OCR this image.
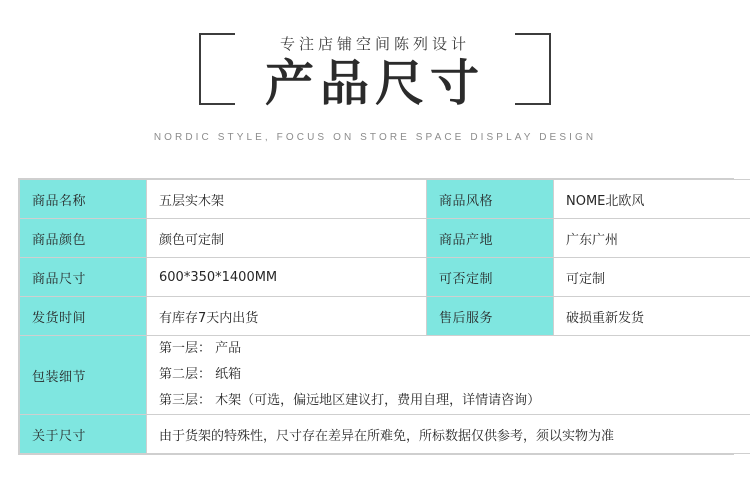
专注店铺空间陈列设计
产品尺寸
NORDIC STYLE, FOCUS ON STORE SPACE DISPLAY DESIGN
商品名称	五层实木架	商品风格	NOME北欧风
商品颜色	颜色可定制	商品产地	广东广州
商品尺寸	600*350*1400MM	可否定制	可定制
发货时间	有库存7天内出货	售后服务	破损重新发货
包装细节	第一层： 产品
第二层： 纸箱
第三层： 木架（可选，偏远地区建议打，费用自理，详情请咨询）		

关于尺寸	由于货架的特殊性，尺寸存在差异在所难免，所标数据仅供参考，须以实物为准		
